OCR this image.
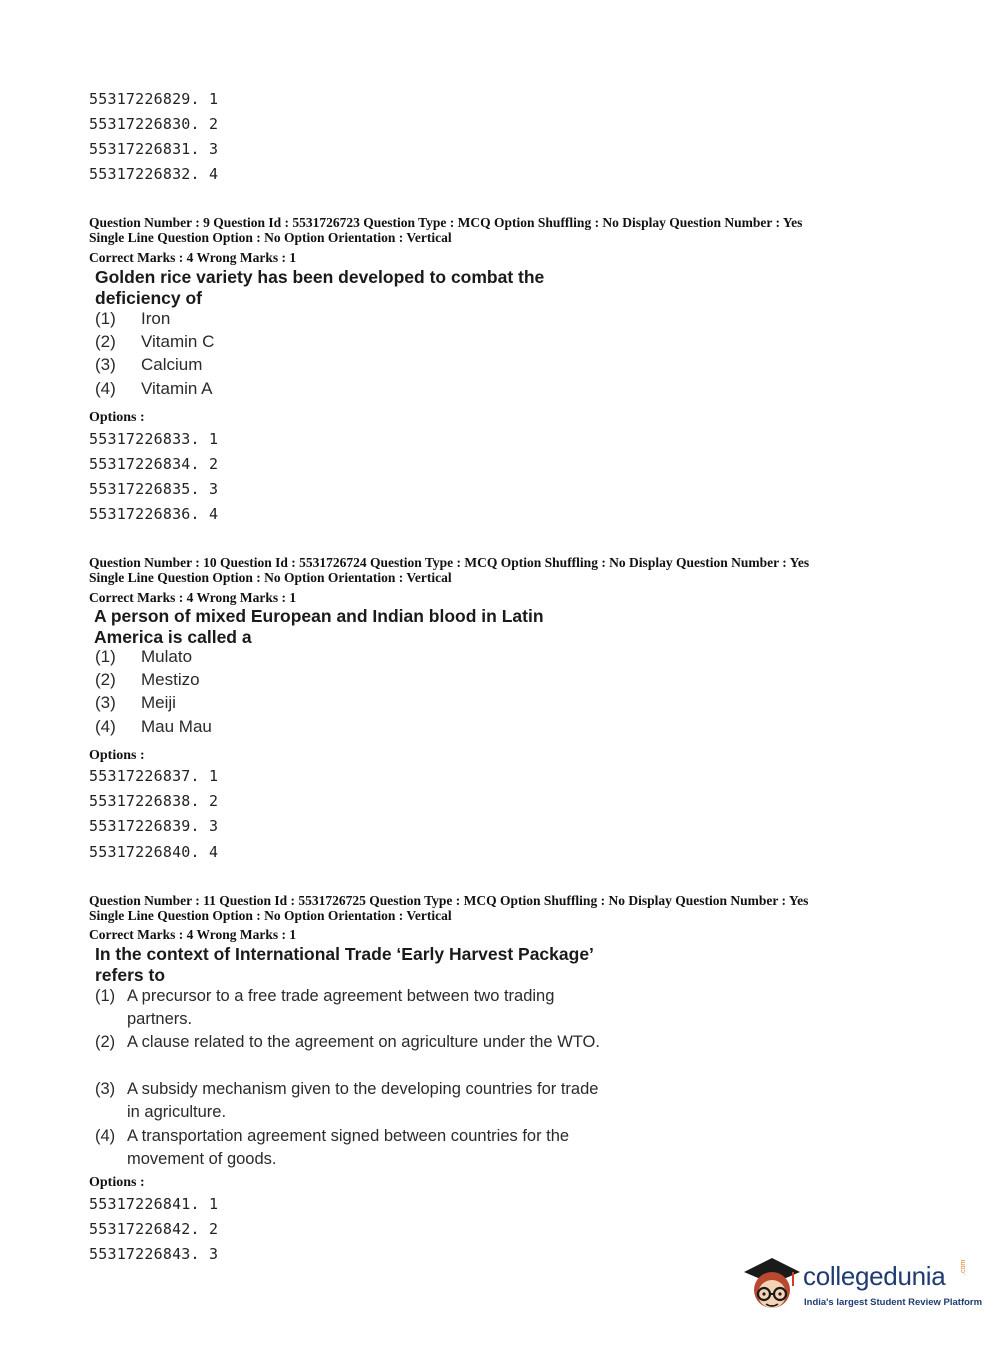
55317226829. 1
55317226830. 2
55317226831. 3
55317226832. 4
Question Number : 9 Question Id : 5531726723 Question Type : MCQ Option Shuffling : No Display Question Number : Yes
Single Line Question Option : No Option Orientation : Vertical
Correct Marks : 4 Wrong Marks : 1
Golden rice variety has been developed to combat the
deficiency of
(1) Iron
(2) Vitamin C
(3) Calcium
(4) Vitamin A
Options :
55317226833. 1
55317226834. 2
55317226835. 3
55317226836. 4
Question Number : 10 Question Id : 5531726724 Question Type : MCQ Option Shuffling : No Display Question Number : Yes
Single Line Question Option : No Option Orientation : Vertical
Correct Marks : 4 Wrong Marks : 1
A person of mixed European and Indian blood in Latin
America is called a
(1) Mulato
(2) Mestizo
(3) Meiji
(4) Mau Mau
Options :
55317226837. 1
55317226838. 2
55317226839. 3
55317226840. 4
Question Number : 11 Question Id : 5531726725 Question Type : MCQ Option Shuffling : No Display Question Number : Yes
Single Line Question Option : No Option Orientation : Vertical
Correct Marks : 4 Wrong Marks : 1
In the context of International Trade ‘Early Harvest Package’
refers to
(1) A precursor to a free trade agreement between two trading partners.
(2) A clause related to the agreement on agriculture under the WTO.
(3) A subsidy mechanism given to the developing countries for trade in agriculture.
(4) A transportation agreement signed between countries for the movement of goods.
Options :
55317226841. 1
55317226842. 2
55317226843. 3
collegedunia .com
India's largest Student Review Platform
